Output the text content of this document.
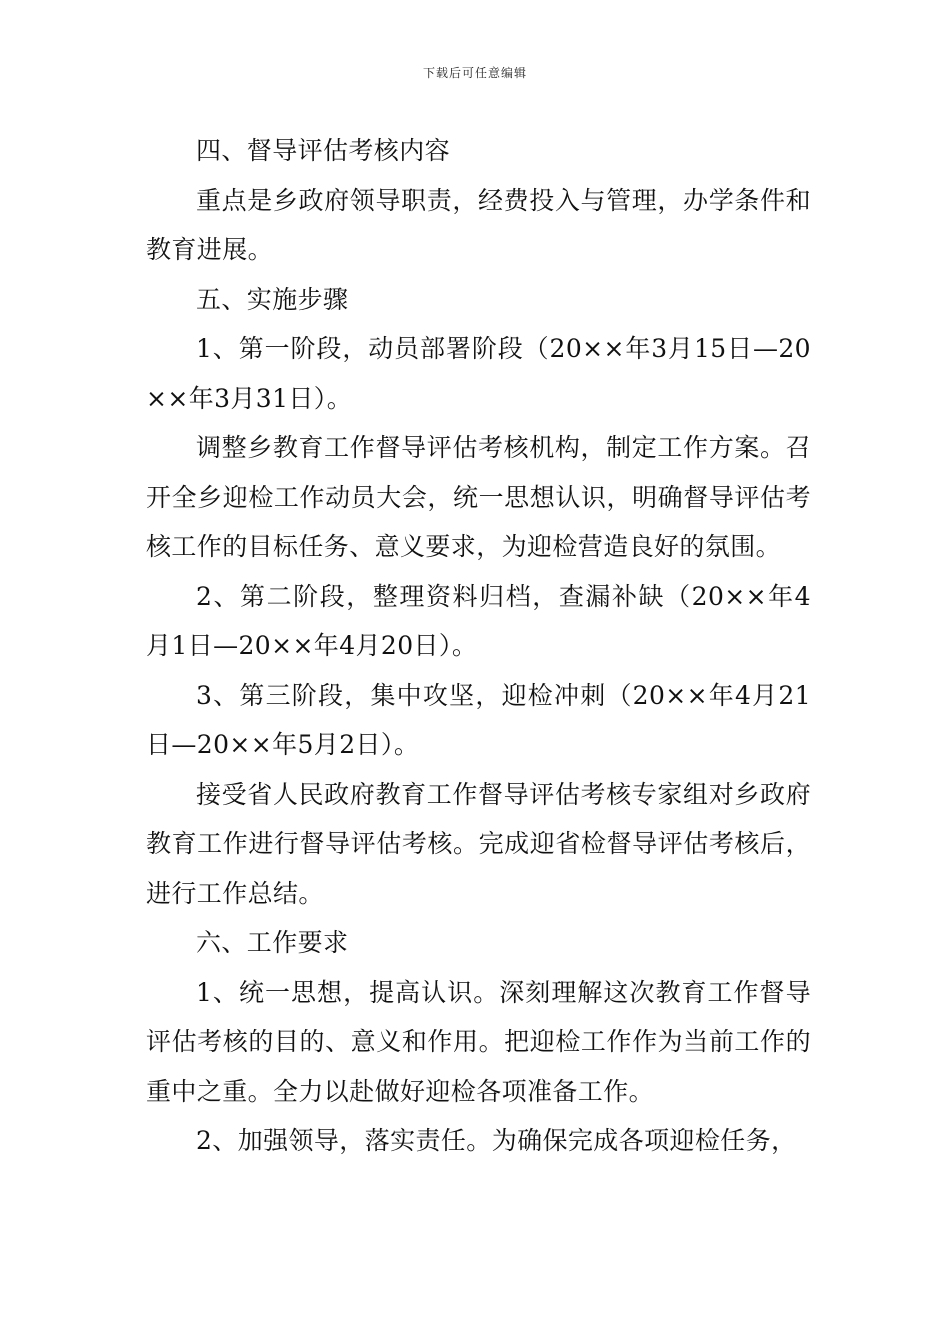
下载后可任意编辑

四、督导评估考核内容

重点是乡政府领导职责，经费投入与管理，办学条件和教育进展。

五、实施步骤

1、第一阶段，动员部署阶段（20××年3月15日—20××年3月31日）。

调整乡教育工作督导评估考核机构，制定工作方案。召开全乡迎检工作动员大会，统一思想认识，明确督导评估考核工作的目标任务、意义要求，为迎检营造良好的氛围。

2、第二阶段，整理资料归档，查漏补缺（20××年4月1日—20××年4月20日）。

3、第三阶段，集中攻坚，迎检冲刺（20××年4月21日—20××年5月2日）。

接受省人民政府教育工作督导评估考核专家组对乡政府教育工作进行督导评估考核。完成迎省检督导评估考核后，进行工作总结。

六、工作要求

1、统一思想，提高认识。深刻理解这次教育工作督导评估考核的目的、意义和作用。把迎检工作作为当前工作的重中之重。全力以赴做好迎检各项准备工作。

2、加强领导，落实责任。为确保完成各项迎检任务，
